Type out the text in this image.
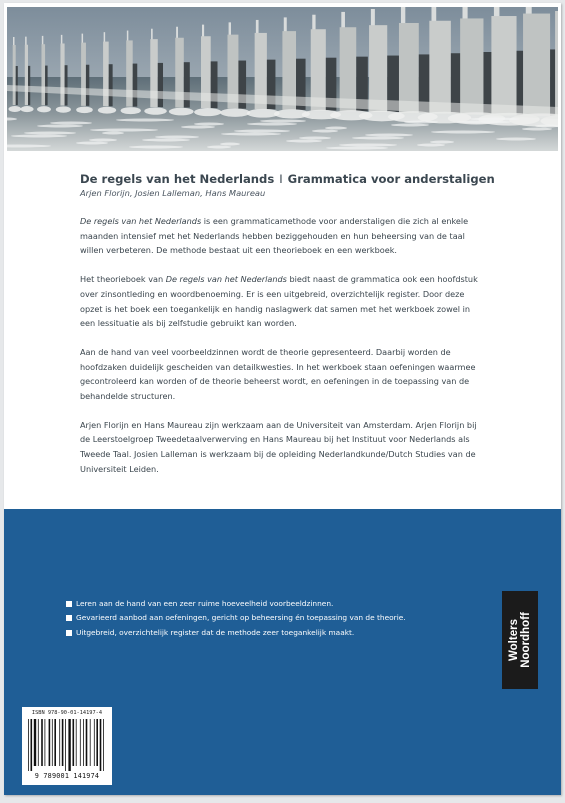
De regels van het Nederlands I Grammatica voor anderstaligen

Arjen Florijn, Josien Lalleman, Hans Maureau

De regels van het Nederlands is een grammaticamethode voor anderstaligen die zich al enkele maanden intensief met het Nederlands hebben beziggehouden en hun beheersing van de taal willen verbeteren. De methode bestaat uit een theorieboek en een werkboek.

Het theorieboek van De regels van het Nederlands biedt naast de grammatica ook een hoofdstuk over zinsontleding en woordbenoeming. Er is een uitgebreid, overzichtelijk register. Door deze opzet is het boek een toegankelijk en handig naslagwerk dat samen met het werkboek zowel in een lessituatie als bij zelfstudie gebruikt kan worden.

Aan de hand van veel voorbeeldzinnen wordt de theorie gepresenteerd. Daarbij worden de hoofdzaken duidelijk gescheiden van detailkwesties. In het werkboek staan oefeningen waarmee gecontroleerd kan worden of de theorie beheerst wordt, en oefeningen in de toepassing van de behandelde structuren.

Arjen Florijn en Hans Maureau zijn werkzaam aan de Universiteit van Amsterdam. Arjen Florijn bij de Leerstoelgroep Tweedetaalverwerving en Hans Maureau bij het Instituut voor Nederlands als Tweede Taal. Josien Lalleman is werkzaam bij de opleiding Nederlandkunde/Dutch Studies van de Universiteit Leiden.

Leren aan de hand van een zeer ruime hoeveelheid voorbeeldzinnen.
Gevarieerd aanbod aan oefeningen, gericht op beheersing én toepassing van de theorie.
Uitgebreid, overzichtelijk register dat de methode zeer toegankelijk maakt.	Wolters
Noordhoff
ISBN 978-90-01-14197-4
9 789001 141974
